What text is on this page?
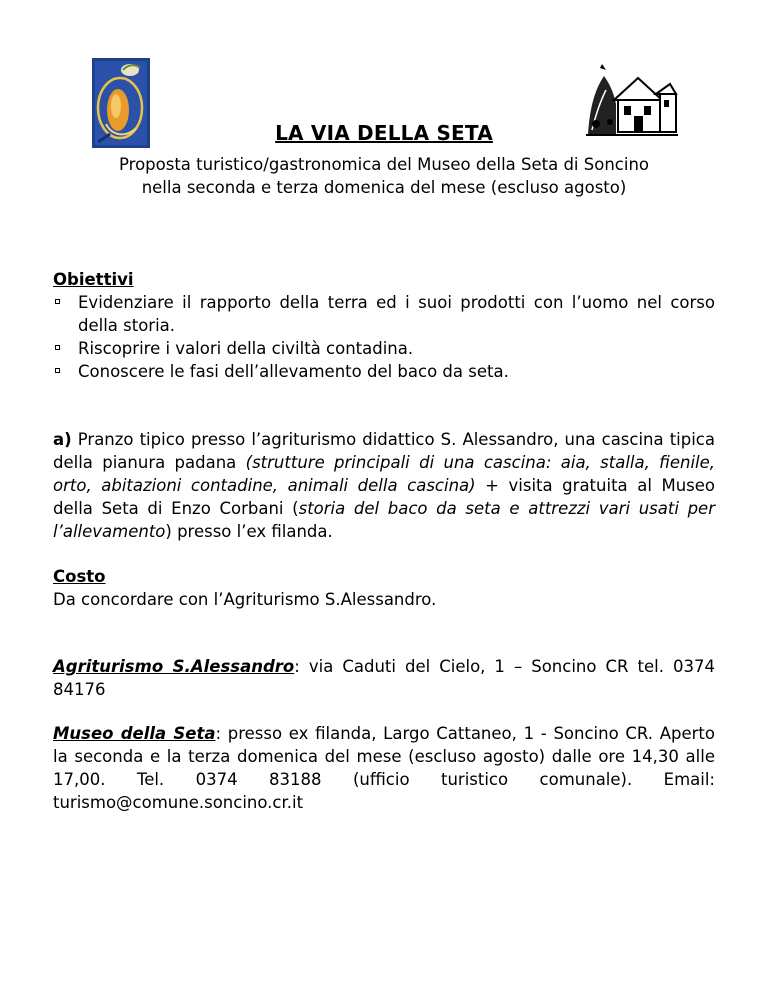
LA VIA DELLA SETA
Proposta turistico/gastronomica del Museo della Seta di Soncino
nella seconda e terza domenica del mese (escluso agosto)
Obiettivi
Evidenziare il rapporto della terra ed i suoi prodotti con l’uomo nel corso della storia.
Riscoprire i valori della civiltà contadina.
Conoscere le fasi dell’allevamento del baco da seta.

a) Pranzo tipico presso l’agriturismo didattico S. Alessandro, una cascina tipica della pianura padana (strutture principali di una cascina: aia, stalla, fienile, orto, abitazioni contadine, animali della cascina) + visita gratuita al Museo della Seta di Enzo Corbani (storia del baco da seta e attrezzi vari usati per l’allevamento) presso l’ex filanda.

Costo
Da concordare con l’Agriturismo S.Alessandro.

Agriturismo S.Alessandro: via Caduti del Cielo, 1 – Soncino CR tel. 0374 84176

Museo della Seta: presso ex filanda, Largo Cattaneo, 1 - Soncino CR. Aperto la seconda e la terza domenica del mese (escluso agosto) dalle ore 14,30 alle 17,00. Tel. 0374 83188 (ufficio turistico comunale). Email: turismo@comune.soncino.cr.it
